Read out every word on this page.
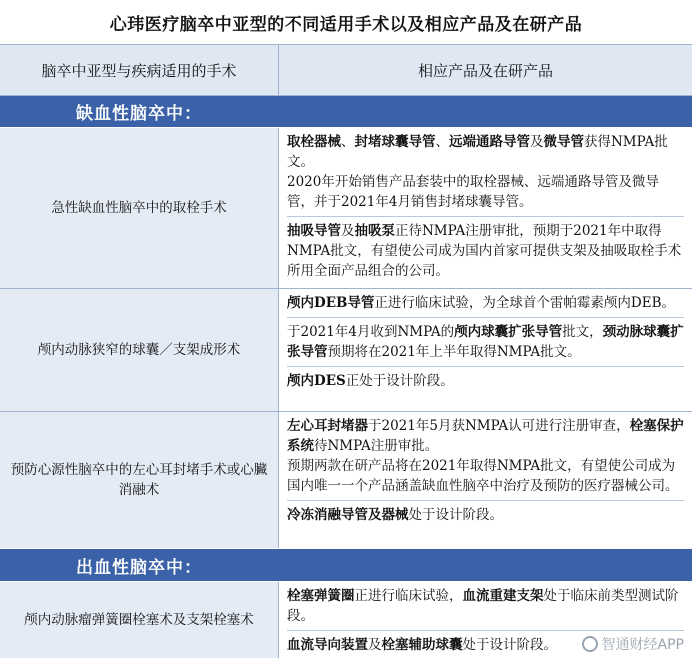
心玮医疗脑卒中亚型的不同适用手术以及相应产品及在研产品
脑卒中亚型与疾病适用的手术	相应产品及在研产品
缺血性脑卒中：
急性缺血性脑卒中的取栓手术

取栓器械、封堵球囊导管、远端通路导管及微导管获得NMPA批文。

2020年开始销售产品套装中的取栓器械、远端通路导管及微导管，并于2021年4月销售封堵球囊导管。

抽吸导管及抽吸泵正待NMPA注册审批，预期于2021年中取得NMPA批文，有望使公司成为国内首家可提供支架及抽吸取栓手术所用全面产品组合的公司。

颅内动脉狭窄的球囊／支架成形术

颅内DEB导管正进行临床试验，为全球首个雷帕霉素颅内DEB。

于2021年4月收到NMPA的颅内球囊扩张导管批文，颈动脉球囊扩张导管预期将在2021年上半年取得NMPA批文。

颅内DES正处于设计阶段。

预防心源性脑卒中的左心耳封堵手术或心臟消融术

左心耳封堵器于2021年5月获NMPA认可进行注册审查，栓塞保护系统待NMPA注册审批。

预期两款在研产品将在2021年取得NMPA批文，有望使公司成为国内唯一一个产品涵盖缺血性脑卒中治疗及预防的医疗器械公司。

冷冻消融导管及器械处于设计阶段。

出血性脑卒中：
颅内动脉瘤弹簧圈栓塞术及支架栓塞术

栓塞弹簧圈正进行临床试验，血流重建支架处于临床前类型测试阶段。

血流导向装置及栓塞辅助球囊处于设计阶段。	智通财经APP
